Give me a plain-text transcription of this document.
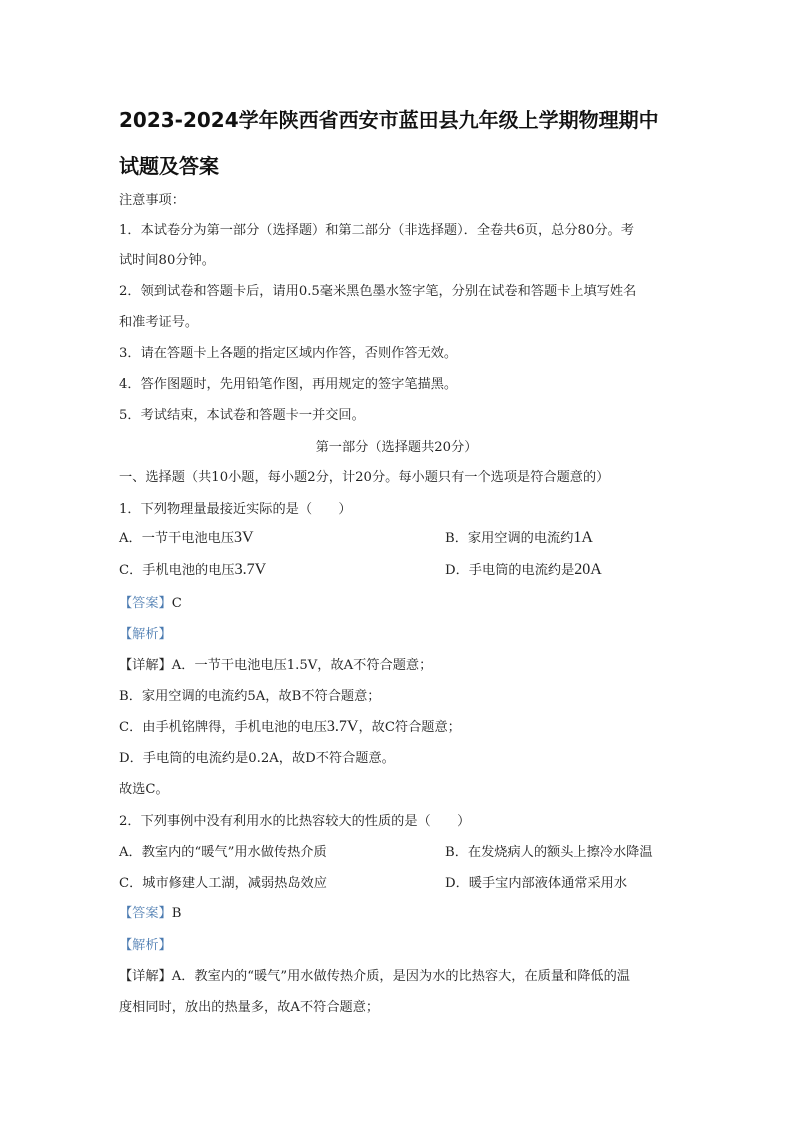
2023-2024学年陕西省西安市蓝田县九年级上学期物理期中
试题及答案
注意事项：
1．本试卷分为第一部分（选择题）和第二部分（非选择题）．全卷共6页，总分80分。考
试时间80分钟。
2．领到试卷和答题卡后，请用0.5毫米黑色墨水签字笔，分别在试卷和答题卡上填写姓名
和准考证号。
3．请在答题卡上各题的指定区域内作答，否则作答无效。
4．答作图题时，先用铅笔作图，再用规定的签字笔描黑。
5．考试结束，本试卷和答题卡一并交回。
第一部分（选择题共20分）
一、选择题（共10小题，每小题2分，计20分。每小题只有一个选项是符合题意的）
1．下列物理量最接近实际的是（　　）
A．一节干电池电压3V	B．家用空调的电流约1A
C．手机电池的电压3.7V	D．手电筒的电流约是20A
【答案】C
【解析】
【详解】A．一节干电池电压1.5V，故A不符合题意；
B．家用空调的电流约5A，故B不符合题意；
C．由手机铭牌得，手机电池的电压3.7V，故C符合题意；
D．手电筒的电流约是0.2A，故D不符合题意。
故选C。
2．下列事例中没有利用水的比热容较大的性质的是（　　）
A．教室内的“暖气”用水做传热介质	B．在发烧病人的额头上擦冷水降温
C．城市修建人工湖，减弱热岛效应	D．暖手宝内部液体通常采用水
【答案】B
【解析】
【详解】A．教室内的“暖气”用水做传热介质，是因为水的比热容大，在质量和降低的温
度相同时，放出的热量多，故A不符合题意；
